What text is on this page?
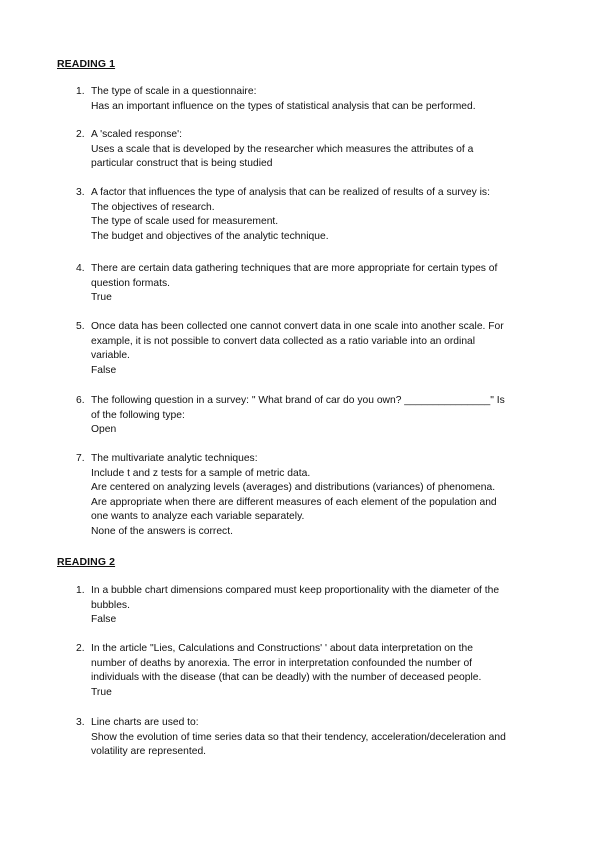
READING 1
1. The type of scale in a questionnaire:
Has an important influence on the types of statistical analysis that can be performed.
2. A 'scaled response':
Uses a scale that is developed by the researcher which measures the attributes of a
particular construct that is being studied
3. A factor that influences the type of analysis that can be realized of results of a survey is:
The objectives of research.
The type of scale used for measurement.
The budget and objectives of the analytic technique.
4. There are certain data gathering techniques that are more appropriate for certain types of
question formats.
True
5. Once data has been collected one cannot convert data in one scale into another scale. For
example, it is not possible to convert data collected as a ratio variable into an ordinal
variable.
False
6. The following question in a survey: " What brand of car do you own? _______________" Is
of the following type:
Open
7. The multivariate analytic techniques:
Include t and z tests for a sample of metric data.
Are centered on analyzing levels (averages) and distributions (variances) of phenomena.
Are appropriate when there are different measures of each element of the population and
one wants to analyze each variable separately.
None of the answers is correct.
READING 2
1. In a bubble chart dimensions compared must keep proportionality with the diameter of the
bubbles.
False
2. In the article "Lies, Calculations and Constructions' ' about data interpretation on the
number of deaths by anorexia. The error in interpretation confounded the number of
individuals with the disease (that can be deadly) with the number of deceased people.
True
3. Line charts are used to:
Show the evolution of time series data so that their tendency, acceleration/deceleration and
volatility are represented.
